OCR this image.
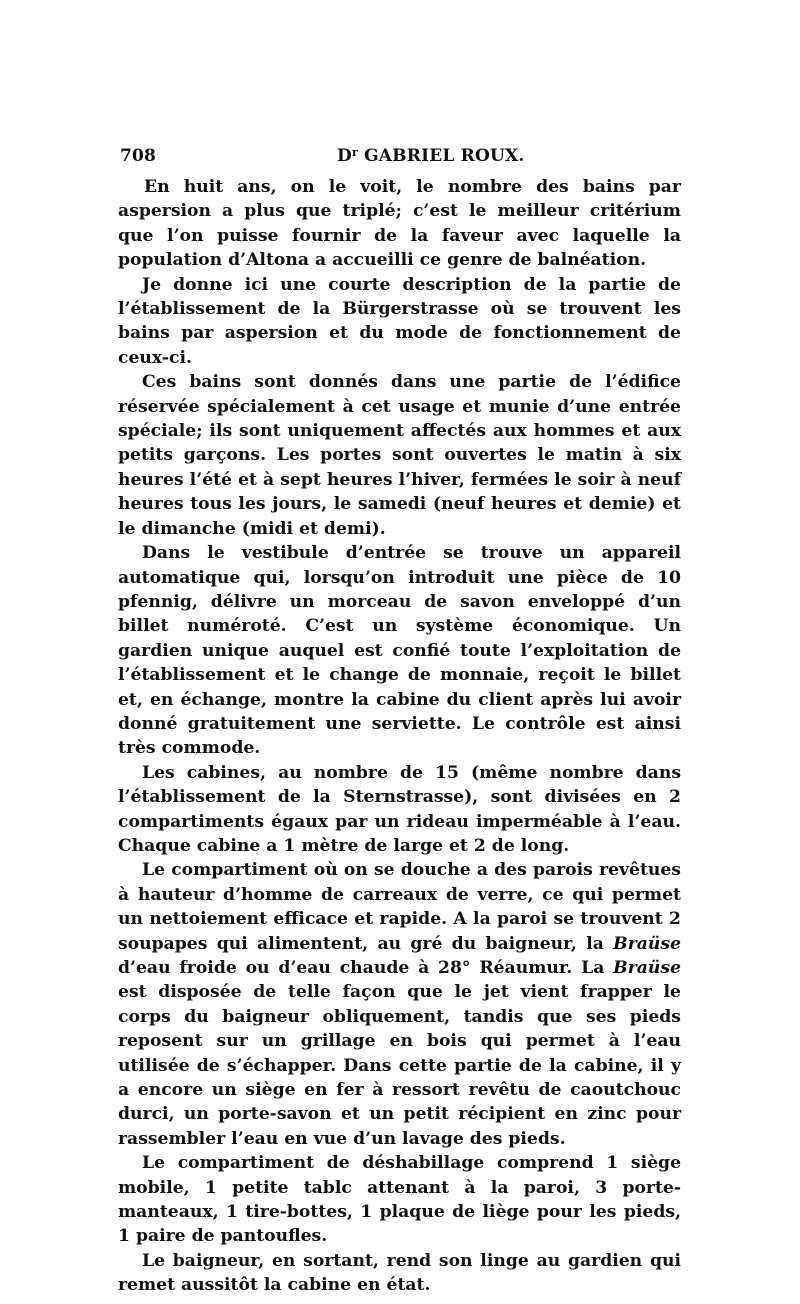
708	$D^r$ GABRIEL ROUX.

En huit ans, on le voit, le nombre des bains par aspersion a plus que triplé; c’est le meilleur critérium que l’on puisse fournir de la faveur avec laquelle la population d’Altona a accueilli ce genre de balnéation.

Je donne ici une courte description de la partie de l’établissement de la Bürgerstrasse où se trouvent les bains par aspersion et du mode de fonctionnement de ceux-ci.

Ces bains sont donnés dans une partie de l’édifice réservée spécialement à cet usage et munie d’une entrée spéciale; ils sont uniquement affectés aux hommes et aux petits garçons. Les portes sont ouvertes le matin à six heures l’été et à sept heures l’hiver, fermées le soir à neuf heures tous les jours, le samedi (neuf heures et demie) et le dimanche (midi et demi).

Dans le vestibule d’entrée se trouve un appareil automatique qui, lorsqu’on introduit une pièce de 10 pfennig, délivre un morceau de savon enveloppé d’un billet numéroté. C’est un système économique. Un gardien unique auquel est confié toute l’exploitation de l’établissement et le change de monnaie, reçoit le billet et, en échange, montre la cabine du client après lui avoir donné gratuitement une serviette. Le contrôle est ainsi très commode.

Les cabines, au nombre de 15 (même nombre dans l’établissement de la Sternstrasse), sont divisées en 2 compartiments égaux par un rideau imperméable à l’eau. Chaque cabine a 1 mètre de large et 2 de long.

Le compartiment où on se douche a des parois revêtues à hauteur d’homme de carreaux de verre, ce qui permet un nettoiement efficace et rapide. A la paroi se trouvent 2 soupapes qui alimentent, au gré du baigneur, la Braüse d’eau froide ou d’eau chaude à 28° Réaumur. La Braüse est disposée de telle façon que le jet vient frapper le corps du baigneur obliquement, tandis que ses pieds reposent sur un grillage en bois qui permet à l’eau utilisée de s’échapper. Dans cette partie de la cabine, il y a encore un siège en fer à ressort revêtu de caoutchouc durci, un porte-savon et un petit récipient en zinc pour rassembler l’eau en vue d’un lavage des pieds.

Le compartiment de déshabillage comprend 1 siège mobile, 1 petite tablc attenant à la paroi, 3 porte-manteaux, 1 tire-bottes, 1 plaque de liège pour les pieds, 1 paire de pantoufles.

Le baigneur, en sortant, rend son linge au gardien qui remet aussitôt la cabine en état.
